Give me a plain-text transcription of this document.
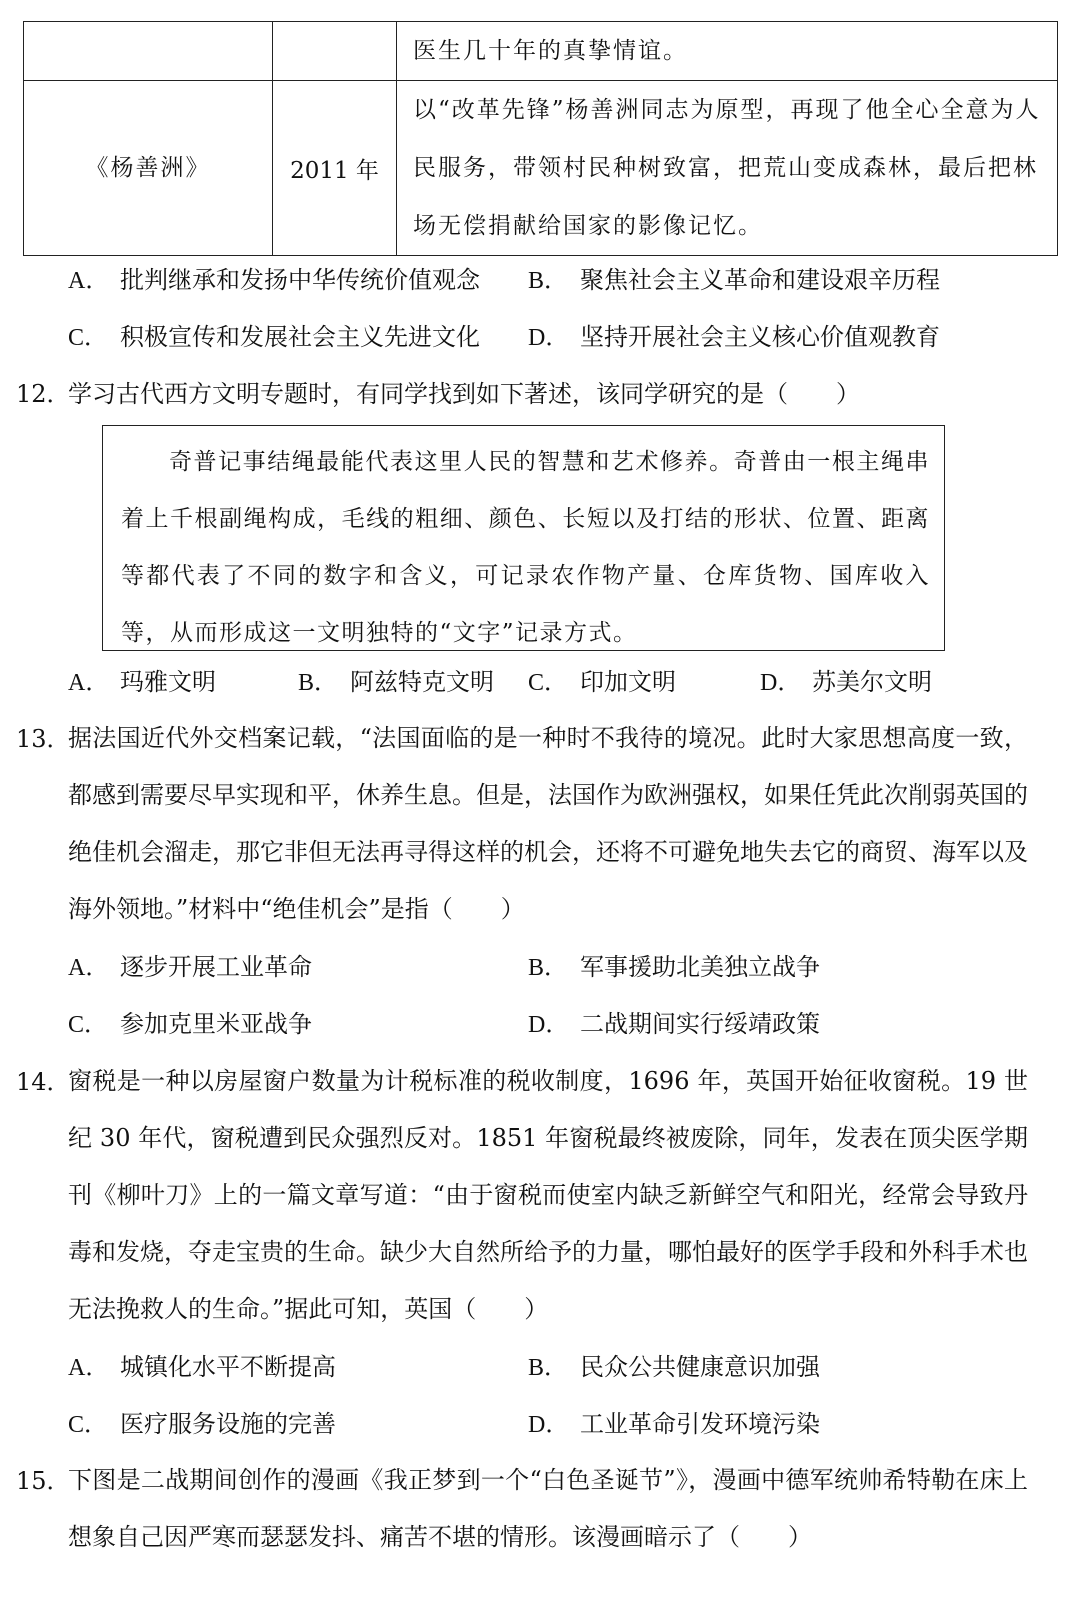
		医生几十年的真挚情谊。
《杨善洲》	2011 年	以“改革先锋”杨善洲同志为原型，再现了他全心全意为人民服务，带领村民种树致富，把荒山变成森林，最后把林场无偿捐献给国家的影像记忆。
A． 批判继承和发扬中华传统价值观念 B． 聚焦社会主义革命和建设艰辛历程
C． 积极宣传和发展社会主义先进文化 D． 坚持开展社会主义核心价值观教育
12．
学习古代西方文明专题时，有同学找到如下著述，该同学研究的是（　　）
奇普记事结绳最能代表这里人民的智慧和艺术修养。奇普由一根主绳串着上千根副绳构成，毛线的粗细、颜色、长短以及打结的形状、位置、距离等都代表了不同的数字和含义，可记录农作物产量、仓库货物、国库收入等，从而形成这一文明独特的“文字”记录方式。
A． 玛雅文明	B． 阿兹特克文明 C． 印加文明	D． 苏美尔文明
13．
据法国近代外交档案记载，“法国面临的是一种时不我待的境况。此时大家思想高度一致，都感到需要尽早实现和平，休养生息。但是，法国作为欧洲强权，如果任凭此次削弱英国的绝佳机会溜走，那它非但无法再寻得这样的机会，还将不可避免地失去它的商贸、海军以及海外领地。”材料中“绝佳机会”是指（　　）
A． 逐步开展工业革命	B． 军事援助北美独立战争
C． 参加克里米亚战争	D． 二战期间实行绥靖政策
14．
窗税是一种以房屋窗户数量为计税标准的税收制度，1696 年，英国开始征收窗税。19 世纪 30 年代，窗税遭到民众强烈反对。1851 年窗税最终被废除，同年，发表在顶尖医学期刊《柳叶刀》上的一篇文章写道：“由于窗税而使室内缺乏新鲜空气和阳光，经常会导致丹毒和发烧，夺走宝贵的生命。缺少大自然所给予的力量，哪怕最好的医学手段和外科手术也无法挽救人的生命。”据此可知，英国（　　）
A． 城镇化水平不断提高	B． 民众公共健康意识加强
C． 医疗服务设施的完善	D． 工业革命引发环境污染
15．
下图是二战期间创作的漫画《我正梦到一个“白色圣诞节”》，漫画中德军统帅希特勒在床上想象自己因严寒而瑟瑟发抖、痛苦不堪的情形。该漫画暗示了（　　）
